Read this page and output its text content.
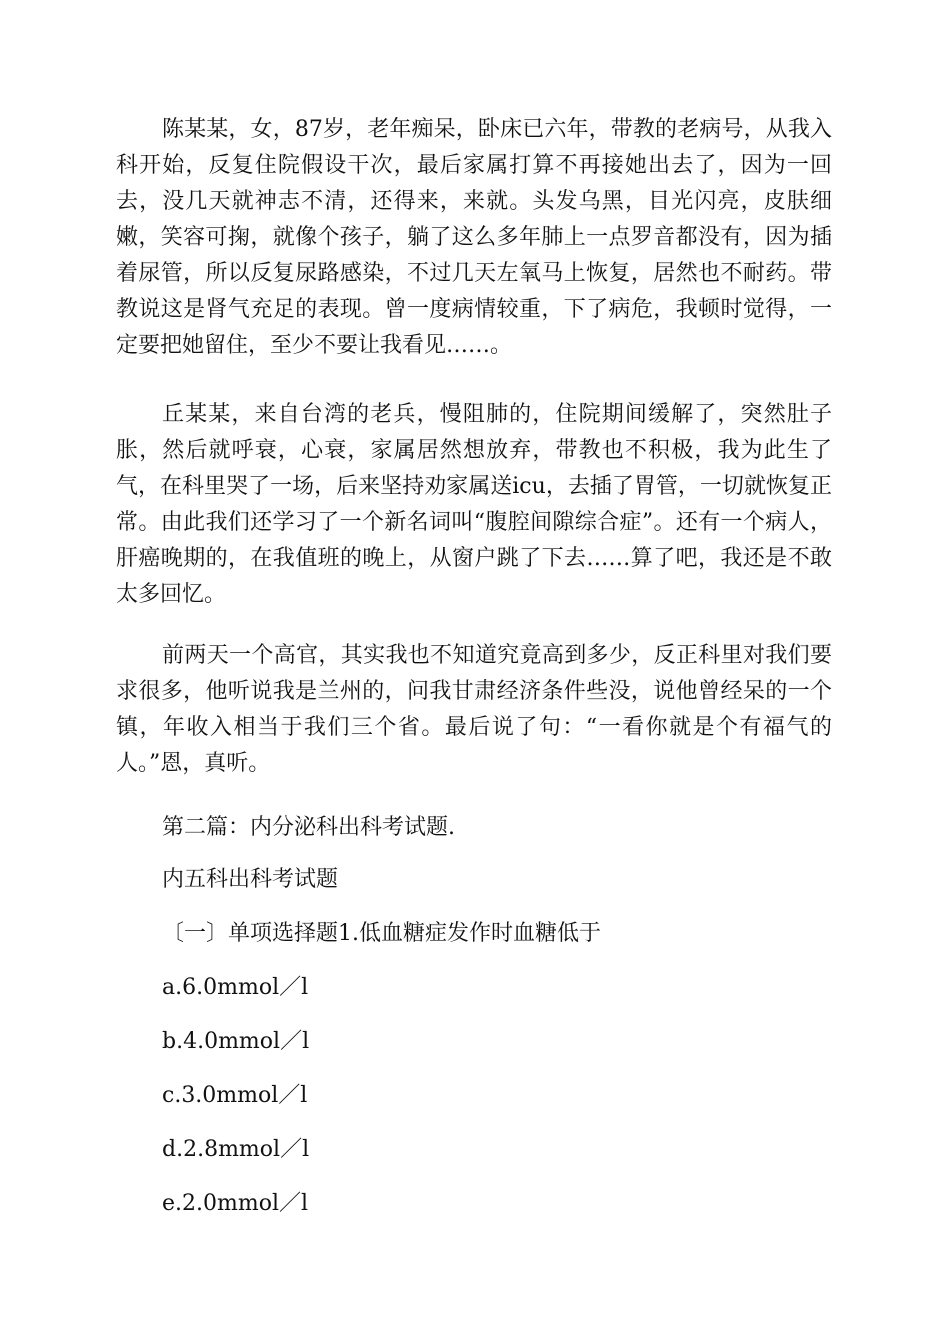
陈某某，女，87岁，老年痴呆，卧床已六年，带教的老病号，从我入科开始，反复住院假设干次，最后家属打算不再接她出去了，因为一回去，没几天就神志不清，还得来，来就。头发乌黑，目光闪亮，皮肤细嫩，笑容可掬，就像个孩子，躺了这么多年肺上一点罗音都没有，因为插着尿管，所以反复尿路感染，不过几天左氧马上恢复，居然也不耐药。带教说这是肾气充足的表现。曾一度病情较重，下了病危，我顿时觉得，一定要把她留住，至少不要让我看见……。

丘某某，来自台湾的老兵，慢阻肺的，住院期间缓解了，突然肚子胀，然后就呼衰，心衰，家属居然想放弃，带教也不积极，我为此生了气，在科里哭了一场，后来坚持劝家属送icu，去插了胃管，一切就恢复正常。由此我们还学习了一个新名词叫“腹腔间隙综合症”。还有一个病人，肝癌晚期的，在我值班的晚上，从窗户跳了下去……算了吧，我还是不敢太多回忆。

前两天一个高官，其实我也不知道究竟高到多少，反正科里对我们要求很多，他听说我是兰州的，问我甘肃经济条件些没，说他曾经呆的一个镇，年收入相当于我们三个省。最后说了句：“一看你就是个有福气的人。”恩，真听。

第二篇：内分泌科出科考试题.

内五科出科考试题

〔一〕单项选择题1.低血糖症发作时血糖低于

a.6.0mmol／l

b.4.0mmol／l

c.3.0mmol／l

d.2.8mmol／l

e.2.0mmol／l
